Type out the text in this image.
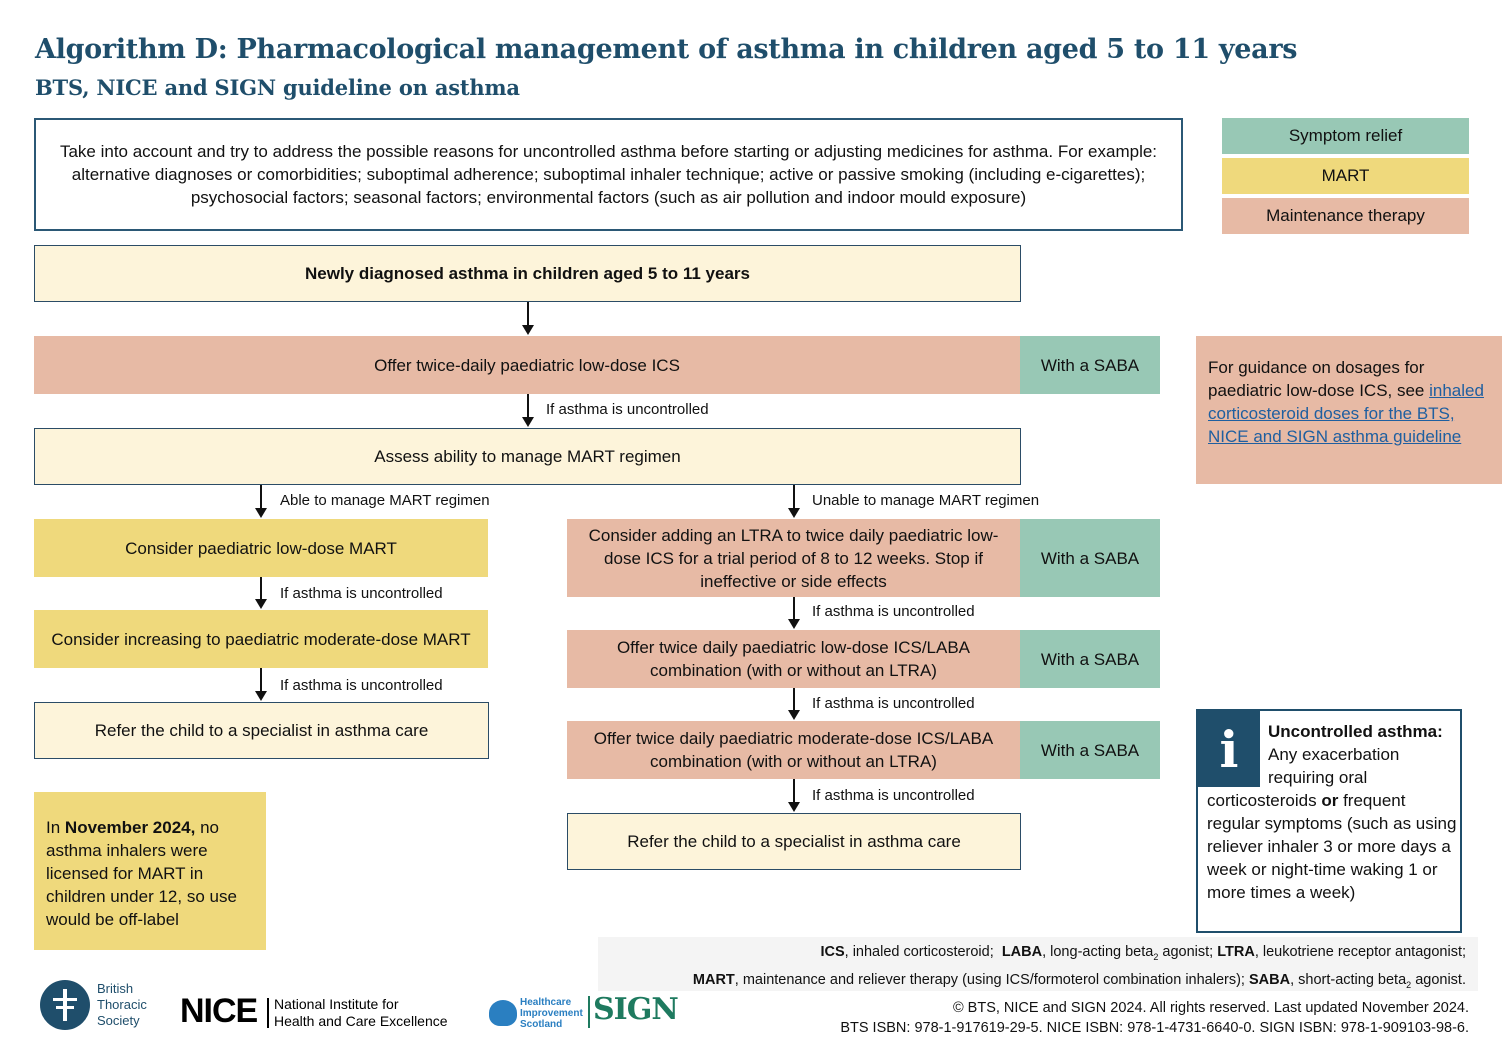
Algorithm D: Pharmacological management of asthma in children aged 5 to 11 years
BTS, NICE and SIGN guideline on asthma
Take into account and try to address the possible reasons for uncontrolled asthma before starting or adjusting medicines for asthma. For example: alternative diagnoses or comorbidities; suboptimal adherence; suboptimal inhaler technique; active or passive smoking (including e-cigarettes); psychosocial factors; seasonal factors; environmental factors (such as air pollution and indoor mould exposure)
Symptom relief
MART
Maintenance therapy
Newly diagnosed asthma in children aged 5 to 11 years
Offer twice-daily paediatric low-dose ICS	With a SABA
If asthma is uncontrolled
Assess ability to manage MART regimen
Able to manage MART regimen
Consider paediatric low-dose MART
If asthma is uncontrolled
Consider increasing to paediatric moderate-dose MART
If asthma is uncontrolled
Refer the child to a specialist in asthma care
Unable to manage MART regimen
Consider adding an LTRA to twice daily paediatric low-dose ICS for a trial period of 8 to 12 weeks. Stop if ineffective or side effects
With a SABA
If asthma is uncontrolled
Offer twice daily paediatric low-dose ICS/LABA combination (with or without an LTRA)
With a SABA
If asthma is uncontrolled
Offer twice daily paediatric moderate-dose ICS/LABA combination (with or without an LTRA)
With a SABA
If asthma is uncontrolled
Refer the child to a specialist in asthma care
For guidance on dosages for paediatric low-dose ICS, see inhaled corticosteroid doses for the BTS, NICE and SIGN asthma guideline
In November 2024, no asthma inhalers were licensed for MART in children under 12, so use would be off-label
i	Uncontrolled asthma:
Any exacerbation requiring oral
corticosteroids or frequent regular symptoms (such as using reliever inhaler 3 or more days a week or night-time waking 1 or more times a week)
ICS, inhaled corticosteroid; LABA, long-acting beta$_2$ agonist; LTRA, leukotriene receptor antagonist;
MART, maintenance and reliever therapy (using ICS/formoterol combination inhalers); SABA, short-acting beta$_2$ agonist.
© BTS, NICE and SIGN 2024. All rights reserved. Last updated November 2024.
BTS ISBN: 978-1-917619-29-5. NICE ISBN: 978-1-4731-6640-0. SIGN ISBN: 978-1-909103-98-6.
British
Thoracic
Society NICE National Institute for
Health and Care Excellence
Healthcare
Improvement
Scotland	SIGN
